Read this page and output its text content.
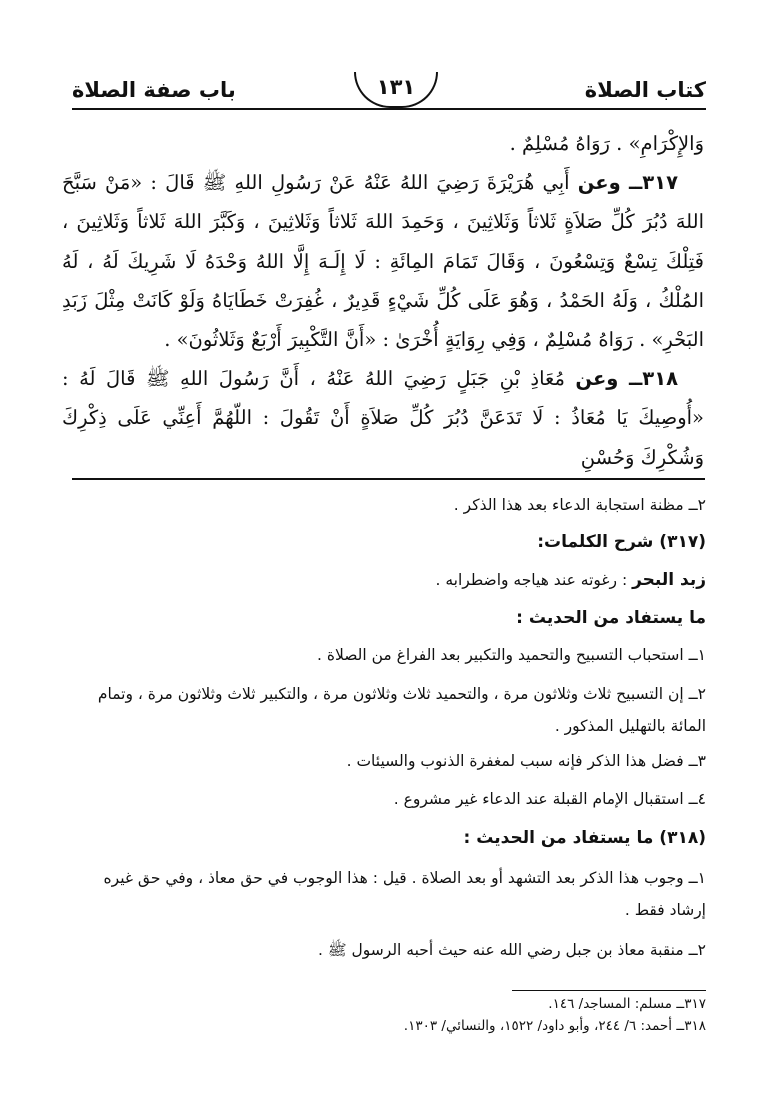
كتاب الصلاة
١٣١
باب صفة الصلاة

وَالإِكْرَامِ» . رَوَاهُ مُسْلِمٌ .

٣١٧ــ وعن أَبِي هُرَيْرَةَ رَضِيَ اللهُ عَنْهُ عَنْ رَسُولِ اللهِ ﷺ قَالَ : «مَنْ سَبَّحَ اللهَ دُبُرَ كُلِّ صَلاَةٍ ثَلاثاً وَثَلاثِينَ ، وَحَمِدَ اللهَ ثَلاثاً وَثَلاثِينَ ، وَكَبَّرَ اللهَ ثَلاثاً وَثَلاثِينَ ، فَتِلْكَ تِسْعٌ وَتِسْعُونَ ، وَقَالَ تَمَامَ المِائَةِ : لَا إِلَـهَ إِلَّا اللهُ وَحْدَهُ لَا شَرِيكَ لَهُ ، لَهُ المُلْكُ ، وَلَهُ الحَمْدُ ، وَهُوَ عَلَى كُلِّ شَيْءٍ قَدِيرٌ ، غُفِرَتْ خَطَايَاهُ وَلَوْ كَانَتْ مِثْلَ زَبَدِ البَحْرِ» . رَوَاهُ مُسْلِمٌ ، وَفِي رِوَايَةٍ أُخْرَىٰ : «أَنَّ التَّكْبِيرَ أَرْبَعٌ وَثَلاثُونَ» .

٣١٨ــ وعن مُعَاذِ بْنِ جَبَلٍ رَضِيَ اللهُ عَنْهُ ، أَنَّ رَسُولَ اللهِ ﷺ قَالَ لَهُ : «أُوصِيكَ يَا مُعَاذُ : لَا تَدَعَنَّ دُبُرَ كُلِّ صَلاَةٍ أَنْ تَقُولَ : اللّهُمَّ أَعِنِّي عَلَى ذِكْرِكَ وَشُكْرِكَ وَحُسْنِ

٢ــ مظنة استجابة الدعاء بعد هذا الذكر .
(٣١٧) شرح الكلمات:
زبد البحر : رغوته عند هياجه واضطرابه .
ما يستفاد من الحديث :
١ــ استحباب التسبيح والتحميد والتكبير بعد الفراغ من الصلاة .
٢ــ إن التسبيح ثلاث وثلاثون مرة ، والتحميد ثلاث وثلاثون مرة ، والتكبير ثلاث وثلاثون مرة ، وتمام المائة بالتهليل المذكور .
٣ــ فضل هذا الذكر فإنه سبب لمغفرة الذنوب والسيئات .
٤ــ استقبال الإمام القبلة عند الدعاء غير مشروع .
(٣١٨) ما يستفاد من الحديث :
١ــ وجوب هذا الذكر بعد التشهد أو بعد الصلاة . قيل : هذا الوجوب في حق معاذ ، وفي حق غيره إرشاد فقط .
٢ــ منقبة معاذ بن جبل رضي الله عنه حيث أحبه الرسول ﷺ .
٣١٧ــ مسلم: المساجد/ ١٤٦.
٣١٨ــ أحمد: ٦/ ٢٤٤، وأبو داود/ ١٥٢٢، والنسائي/ ١٣٠٣.
